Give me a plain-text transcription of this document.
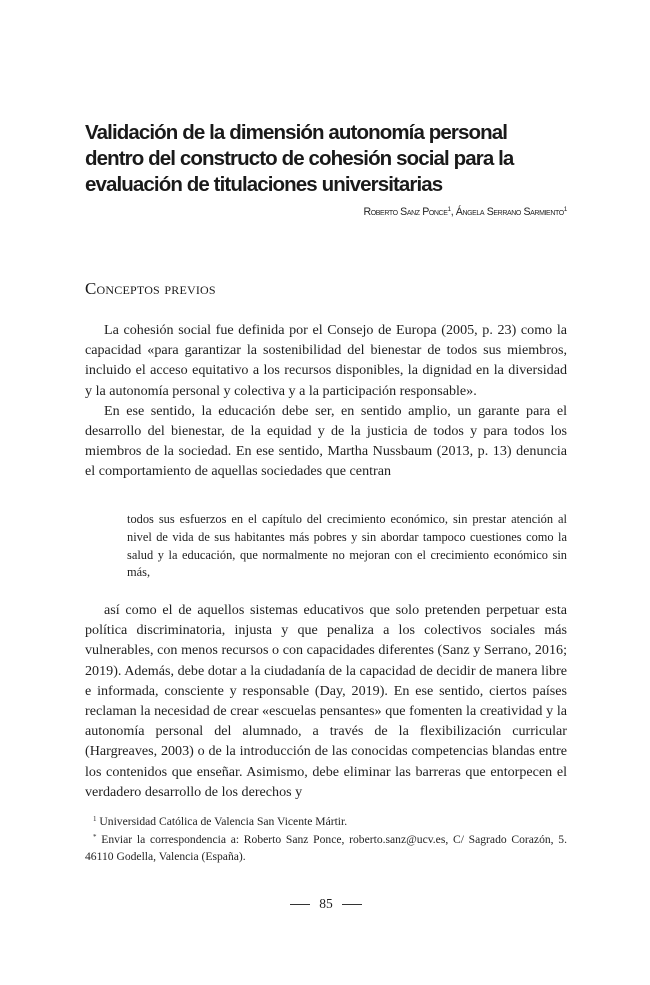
Validación de la dimensión autonomía personal dentro del constructo de cohesión social para la evaluación de titulaciones universitarias
Roberto Sanz Ponce$^1$, Ángela Serrano Sarmiento$^1$
Conceptos previos

La cohesión social fue definida por el Consejo de Europa (2005, p. 23) como la capacidad «para garantizar la sostenibilidad del bienestar de todos sus miembros, incluido el acceso equitativo a los recursos disponibles, la dignidad en la diversidad y la autonomía personal y colectiva y a la participación responsable».

En ese sentido, la educación debe ser, en sentido amplio, un garante para el desarrollo del bienestar, de la equidad y de la justicia de todos y para todos los miembros de la sociedad. En ese sentido, Martha Nussbaum (2013, p. 13) denuncia el comportamiento de aquellas sociedades que centran

todos sus esfuerzos en el capítulo del crecimiento económico, sin prestar atención al nivel de vida de sus habitantes más pobres y sin abordar tampoco cuestiones como la salud y la educación, que normalmente no mejoran con el crecimiento económico sin más,

así como el de aquellos sistemas educativos que solo pretenden perpetuar esta política discriminatoria, injusta y que penaliza a los colectivos sociales más vulnerables, con menos recursos o con capacidades diferentes (Sanz y Serrano, 2016; 2019). Además, debe dotar a la ciudadanía de la capacidad de decidir de manera libre e informada, consciente y responsable (Day, 2019). En ese sentido, ciertos países reclaman la necesidad de crear «escuelas pensantes» que fomenten la creatividad y la autonomía personal del alumnado, a través de la flexibilización curricular (Hargreaves, 2003) o de la introducción de las conocidas competencias blandas entre los contenidos que enseñar. Asimismo, debe eliminar las barreras que entorpecen el verdadero desarrollo de los derechos y

$^1$ Universidad Católica de Valencia San Vicente Mártir.

* Enviar la correspondencia a: Roberto Sanz Ponce, roberto.sanz@ucv.es, C/ Sagrado Corazón, 5. 46110 Godella, Valencia (España).

85
